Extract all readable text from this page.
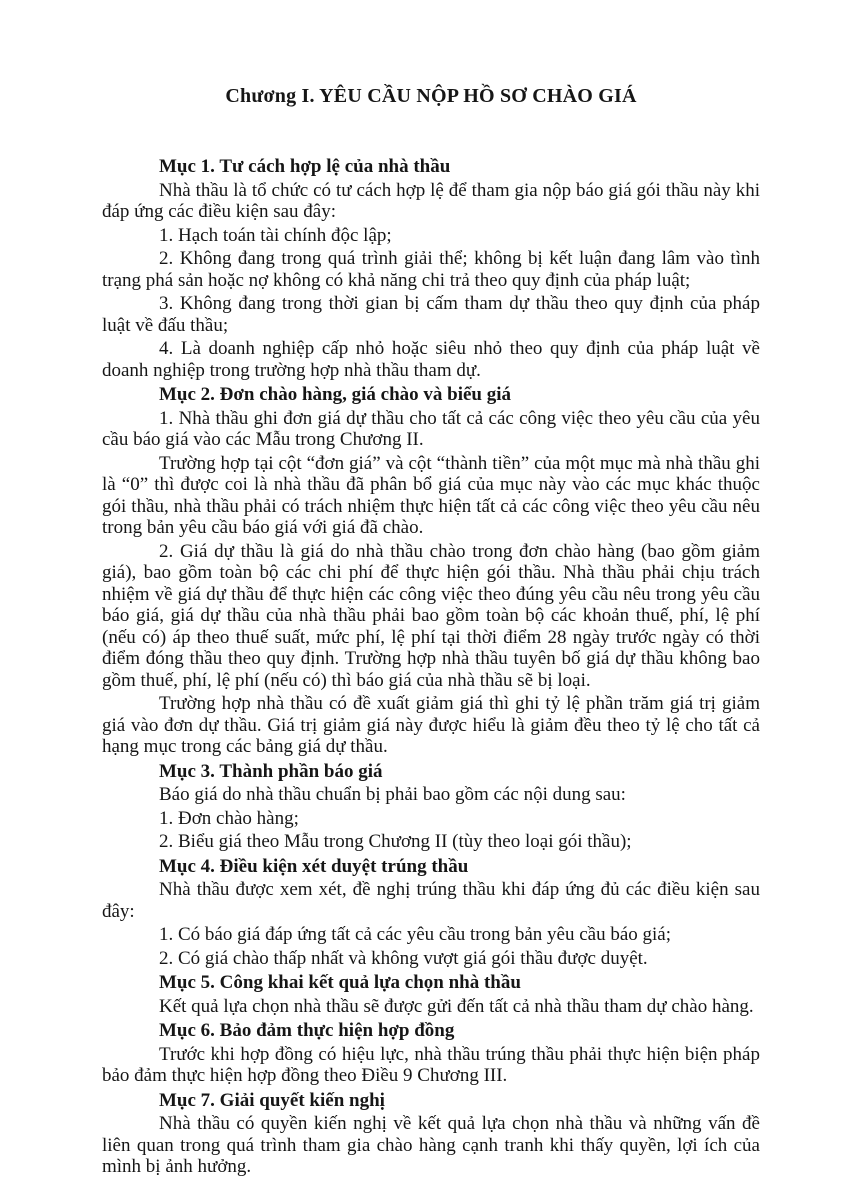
Chương I. YÊU CẦU NỘP HỒ SƠ CHÀO GIÁ
Mục 1. Tư cách hợp lệ của nhà thầu

Nhà thầu là tổ chức có tư cách hợp lệ để tham gia nộp báo giá gói thầu này khi đáp ứng các điều kiện sau đây:

1. Hạch toán tài chính độc lập;

2. Không đang trong quá trình giải thể; không bị kết luận đang lâm vào tình trạng phá sản hoặc nợ không có khả năng chi trả theo quy định của pháp luật;

3. Không đang trong thời gian bị cấm tham dự thầu theo quy định của pháp luật về đấu thầu;

4. Là doanh nghiệp cấp nhỏ hoặc siêu nhỏ theo quy định của pháp luật về doanh nghiệp trong trường hợp nhà thầu tham dự.

Mục 2. Đơn chào hàng, giá chào và biểu giá

1. Nhà thầu ghi đơn giá dự thầu cho tất cả các công việc theo yêu cầu của yêu cầu báo giá vào các Mẫu trong Chương II.

Trường hợp tại cột “đơn giá” và cột “thành tiền” của một mục mà nhà thầu ghi là “0” thì được coi là nhà thầu đã phân bổ giá của mục này vào các mục khác thuộc gói thầu, nhà thầu phải có trách nhiệm thực hiện tất cả các công việc theo yêu cầu nêu trong bản yêu cầu báo giá với giá đã chào.

2. Giá dự thầu là giá do nhà thầu chào trong đơn chào hàng (bao gồm giảm giá), bao gồm toàn bộ các chi phí để thực hiện gói thầu. Nhà thầu phải chịu trách nhiệm về giá dự thầu để thực hiện các công việc theo đúng yêu cầu nêu trong yêu cầu báo giá, giá dự thầu của nhà thầu phải bao gồm toàn bộ các khoản thuế, phí, lệ phí (nếu có) áp theo thuế suất, mức phí, lệ phí tại thời điểm 28 ngày trước ngày có thời điểm đóng thầu theo quy định. Trường hợp nhà thầu tuyên bố giá dự thầu không bao gồm thuế, phí, lệ phí (nếu có) thì báo giá của nhà thầu sẽ bị loại.

Trường hợp nhà thầu có đề xuất giảm giá thì ghi tỷ lệ phần trăm giá trị giảm giá vào đơn dự thầu. Giá trị giảm giá này được hiểu là giảm đều theo tỷ lệ cho tất cả hạng mục trong các bảng giá dự thầu.

Mục 3. Thành phần báo giá

Báo giá do nhà thầu chuẩn bị phải bao gồm các nội dung sau:

1. Đơn chào hàng;

2. Biểu giá theo Mẫu trong Chương II (tùy theo loại gói thầu);

Mục 4. Điều kiện xét duyệt trúng thầu

Nhà thầu được xem xét, đề nghị trúng thầu khi đáp ứng đủ các điều kiện sau đây:

1. Có báo giá đáp ứng tất cả các yêu cầu trong bản yêu cầu báo giá;

2. Có giá chào thấp nhất và không vượt giá gói thầu được duyệt.

Mục 5. Công khai kết quả lựa chọn nhà thầu

Kết quả lựa chọn nhà thầu sẽ được gửi đến tất cả nhà thầu tham dự chào hàng.

Mục 6. Bảo đảm thực hiện hợp đồng

Trước khi hợp đồng có hiệu lực, nhà thầu trúng thầu phải thực hiện biện pháp bảo đảm thực hiện hợp đồng theo Điều 9 Chương III.

Mục 7. Giải quyết kiến nghị

Nhà thầu có quyền kiến nghị về kết quả lựa chọn nhà thầu và những vấn đề liên quan trong quá trình tham gia chào hàng cạnh tranh khi thấy quyền, lợi ích của mình bị ảnh hưởng.
